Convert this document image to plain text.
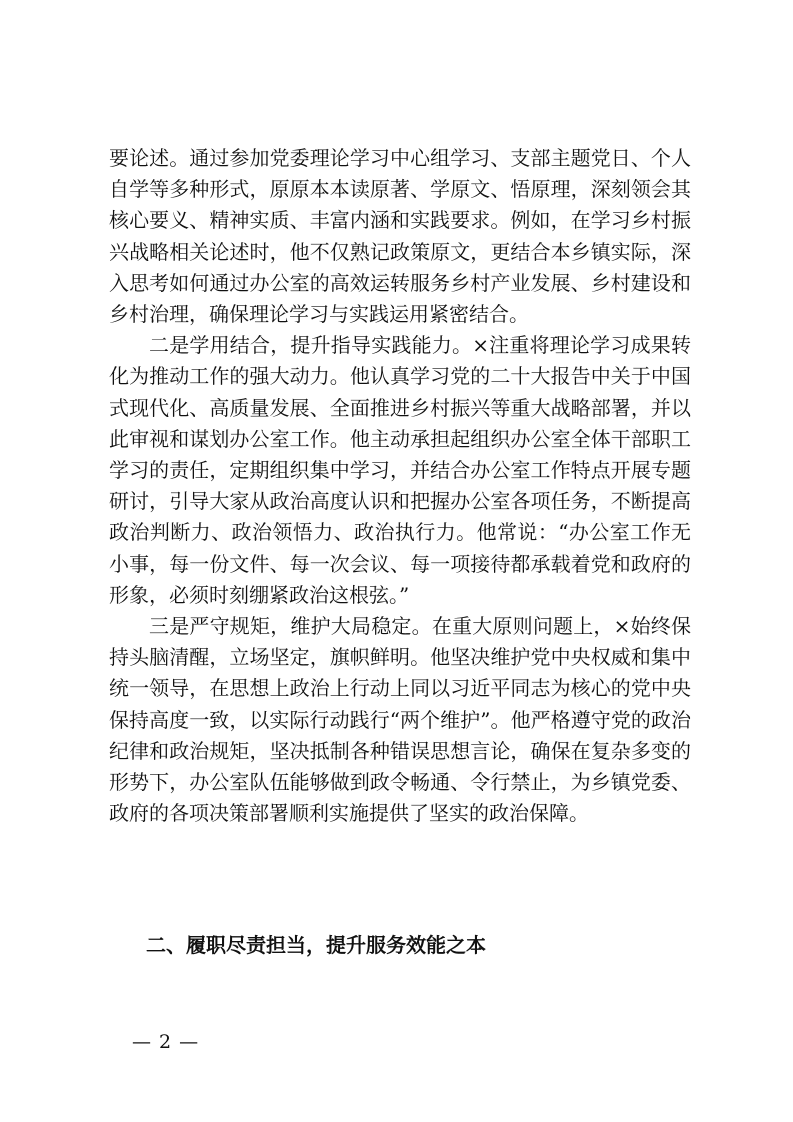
要论述。通过参加党委理论学习中心组学习、支部主题党日、个人自学等多种形式，原原本本读原著、学原文、悟原理，深刻领会其核心要义、精神实质、丰富内涵和实践要求。例如，在学习乡村振兴战略相关论述时，他不仅熟记政策原文，更结合本乡镇实际，深入思考如何通过办公室的高效运转服务乡村产业发展、乡村建设和乡村治理，确保理论学习与实践运用紧密结合。

二是学用结合，提升指导实践能力。×注重将理论学习成果转化为推动工作的强大动力。他认真学习党的二十大报告中关于中国式现代化、高质量发展、全面推进乡村振兴等重大战略部署，并以此审视和谋划办公室工作。他主动承担起组织办公室全体干部职工学习的责任，定期组织集中学习，并结合办公室工作特点开展专题研讨，引导大家从政治高度认识和把握办公室各项任务，不断提高政治判断力、政治领悟力、政治执行力。他常说：“办公室工作无小事，每一份文件、每一次会议、每一项接待都承载着党和政府的形象，必须时刻绷紧政治这根弦。”

三是严守规矩，维护大局稳定。在重大原则问题上，×始终保持头脑清醒，立场坚定，旗帜鲜明。他坚决维护党中央权威和集中统一领导，在思想上政治上行动上同以习近平同志为核心的党中央保持高度一致，以实际行动践行“两个维护”。他严格遵守党的政治纪律和政治规矩，坚决抵制各种错误思想言论，确保在复杂多变的形势下，办公室队伍能够做到政令畅通、令行禁止，为乡镇党委、政府的各项决策部署顺利实施提供了坚实的政治保障。

二、履职尽责担当，提升服务效能之本
— 2 —
